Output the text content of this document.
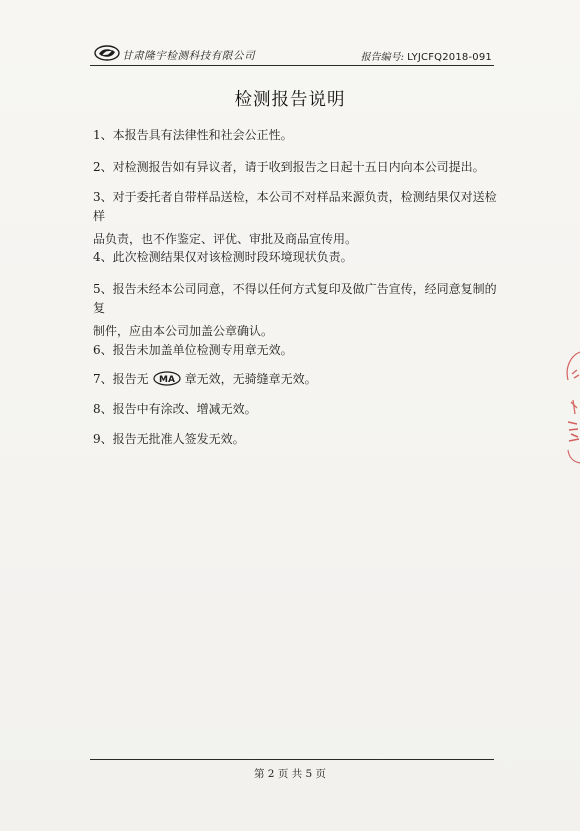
甘肃隆宇检测科技有限公司	报告编号: LYJCFQ2018-091
检测报告说明
1、本报告具有法律性和社会公正性。
2、对检测报告如有异议者，请于收到报告之日起十五日内向本公司提出。
3、对于委托者自带样品送检，本公司不对样品来源负责，检测结果仅对送检样
品负责，也不作鉴定、评优、审批及商品宣传用。
4、此次检测结果仅对该检测时段环境现状负责。
5、报告未经本公司同意，不得以任何方式复印及做广告宣传，经同意复制的复
制件，应由本公司加盖公章确认。
6、报告未加盖单位检测专用章无效。
7、报告无 MA 章无效，无骑缝章无效。
8、报告中有涂改、增减无效。
9、报告无批准人签发无效。
第 2 页 共 5 页
